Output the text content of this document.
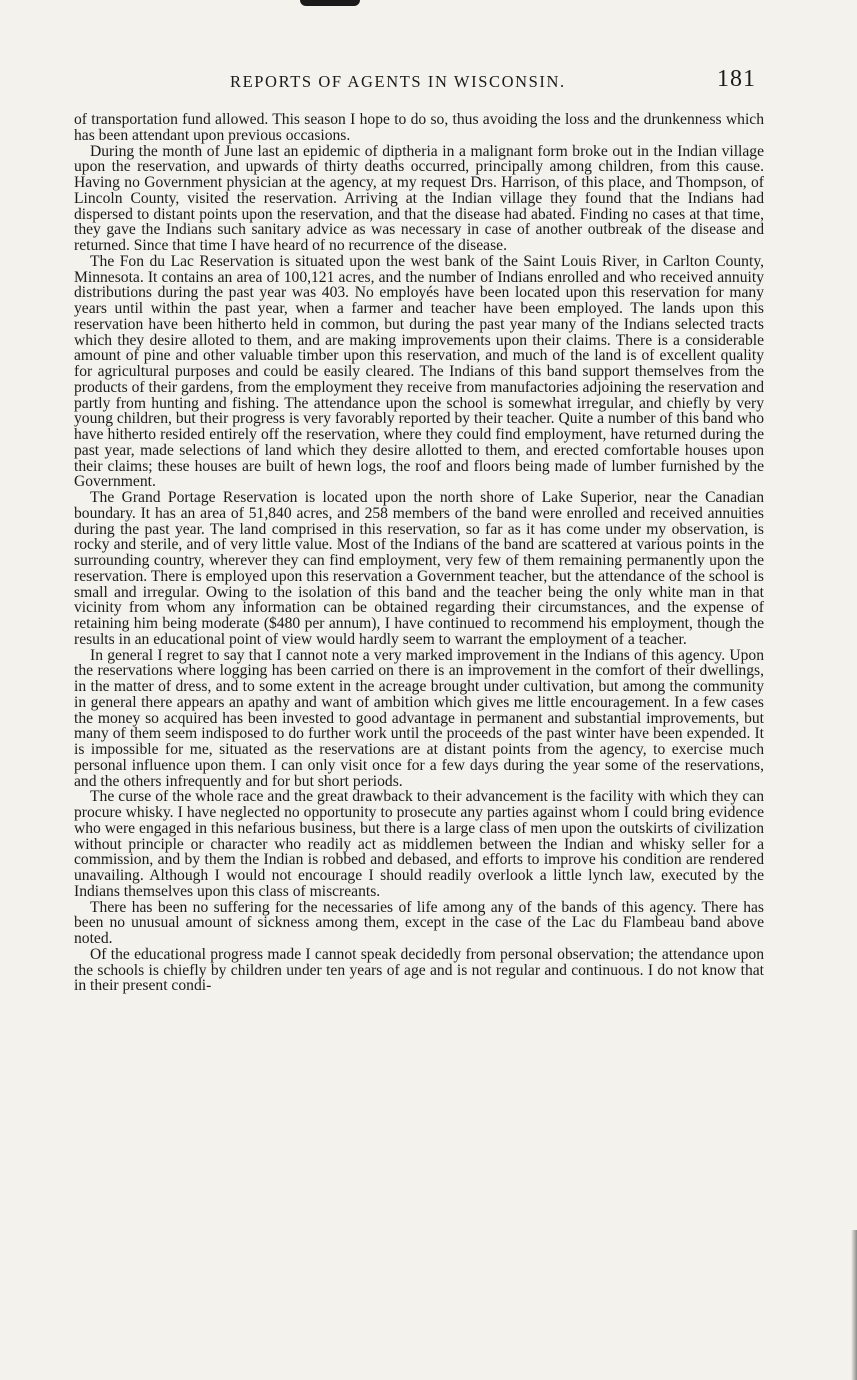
REPORTS OF AGENTS IN WISCONSIN.	181

of transportation fund allowed. This season I hope to do so, thus avoiding the loss and the drunkenness which has been attendant upon previous occasions.

During the month of June last an epidemic of diptheria in a malignant form broke out in the Indian village upon the reservation, and upwards of thirty deaths occurred, principally among children, from this cause. Having no Government physician at the agency, at my request Drs. Harrison, of this place, and Thompson, of Lincoln County, visited the reservation. Arriving at the Indian village they found that the Indians had dispersed to distant points upon the reservation, and that the disease had abated. Finding no cases at that time, they gave the Indians such sanitary advice as was necessary in case of another outbreak of the disease and returned. Since that time I have heard of no recurrence of the disease.

The Fon du Lac Reservation is situated upon the west bank of the Saint Louis River, in Carlton County, Minnesota. It contains an area of 100,121 acres, and the number of Indians enrolled and who received annuity distributions during the past year was 403. No employés have been located upon this reservation for many years until within the past year, when a farmer and teacher have been employed. The lands upon this reservation have been hitherto held in common, but during the past year many of the Indians selected tracts which they desire alloted to them, and are making improvements upon their claims. There is a considerable amount of pine and other valuable timber upon this reservation, and much of the land is of excellent quality for agricultural purposes and could be easily cleared. The Indians of this band support themselves from the products of their gardens, from the employment they receive from manufactories adjoining the reservation and partly from hunting and fishing. The attendance upon the school is somewhat irregular, and chiefly by very young children, but their progress is very favorably reported by their teacher. Quite a number of this band who have hitherto resided entirely off the reservation, where they could find employment, have returned during the past year, made selections of land which they desire allotted to them, and erected comfortable houses upon their claims; these houses are built of hewn logs, the roof and floors being made of lumber furnished by the Government.

The Grand Portage Reservation is located upon the north shore of Lake Superior, near the Canadian boundary. It has an area of 51,840 acres, and 258 members of the band were enrolled and received annuities during the past year. The land comprised in this reservation, so far as it has come under my observation, is rocky and sterile, and of very little value. Most of the Indians of the band are scattered at various points in the surrounding country, wherever they can find employment, very few of them remaining permanently upon the reservation. There is employed upon this reservation a Government teacher, but the attendance of the school is small and irregular. Owing to the isolation of this band and the teacher being the only white man in that vicinity from whom any information can be obtained regarding their circumstances, and the expense of retaining him being moderate ($480 per annum), I have continued to recommend his employment, though the results in an educational point of view would hardly seem to warrant the employment of a teacher.

In general I regret to say that I cannot note a very marked improvement in the Indians of this agency. Upon the reservations where logging has been carried on there is an improvement in the comfort of their dwellings, in the matter of dress, and to some extent in the acreage brought under cultivation, but among the community in general there appears an apathy and want of ambition which gives me little encouragement. In a few cases the money so acquired has been invested to good advantage in permanent and substantial improvements, but many of them seem indisposed to do further work until the proceeds of the past winter have been expended. It is impossible for me, situated as the reservations are at distant points from the agency, to exercise much personal influence upon them. I can only visit once for a few days during the year some of the reservations, and the others infrequently and for but short periods.

The curse of the whole race and the great drawback to their advancement is the facility with which they can procure whisky. I have neglected no opportunity to prosecute any parties against whom I could bring evidence who were engaged in this nefarious business, but there is a large class of men upon the outskirts of civilization without principle or character who readily act as middlemen between the Indian and whisky seller for a commission, and by them the Indian is robbed and debased, and efforts to improve his condition are rendered unavailing. Although I would not encourage I should readily overlook a little lynch law, executed by the Indians themselves upon this class of miscreants.

There has been no suffering for the necessaries of life among any of the bands of this agency. There has been no unusual amount of sickness among them, except in the case of the Lac du Flambeau band above noted.

Of the educational progress made I cannot speak decidedly from personal observation; the attendance upon the schools is chiefly by children under ten years of age and is not regular and continuous. I do not know that in their present condi-
